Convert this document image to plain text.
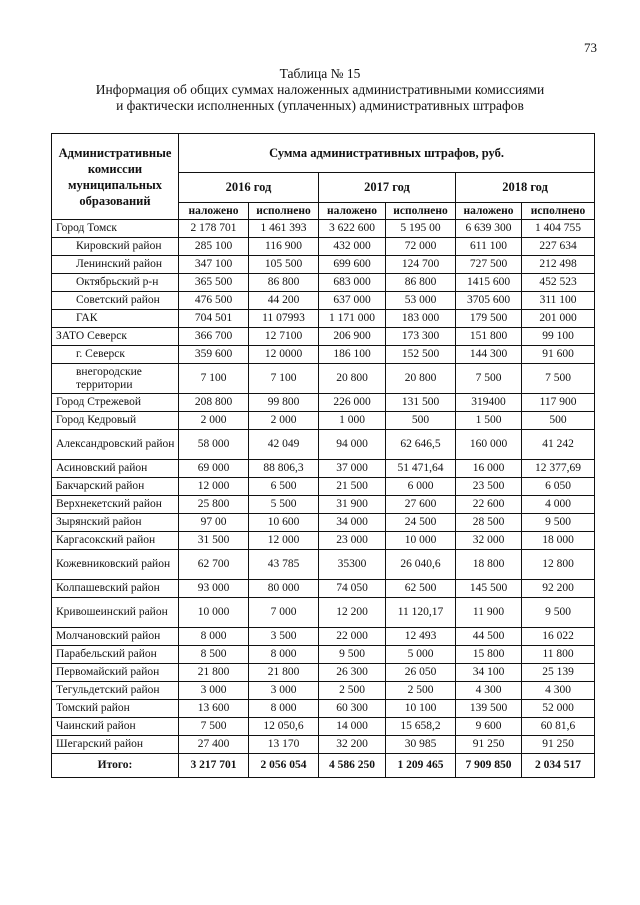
73
Таблица № 15
Информация об общих суммах наложенных административными комиссиями
и фактически исполненных (уплаченных) административных штрафов
Административные комиссии муниципальных образований	Сумма административных штрафов, руб.					
	2016 год		2017 год		2018 год	
	наложено	исполнено	наложено	исполнено	наложено	исполнено
Город Томск	2 178 701	1 461 393	3 622 600	5 195 00	6 639 300	1 404 755
Кировский район	285 100	116 900	432 000	72 000	611 100	227 634
Ленинский район	347 100	105 500	699 600	124 700	727 500	212 498
Октябрьский р-н	365 500	86 800	683 000	86 800	1415 600	452 523
Советский район	476 500	44 200	637 000	53 000	3705 600	311 100
ГАК	704 501	11 07993	1 171 000	183 000	179 500	201 000
ЗАТО Северск	366 700	12 7100	206 900	173 300	151 800	99 100
г. Северск	359 600	12 0000	186 100	152 500	144 300	91 600
внегородские территории	7 100	7 100	20 800	20 800	7 500	7 500
Город Стрежевой	208 800	99 800	226 000	131 500	319400	117 900
Город Кедровый	2 000	2 000	1 000	500	1 500	500
Александровский район	58 000	42 049	94 000	62 646,5	160 000	41 242
Асиновский район	69 000	88 806,3	37 000	51 471,64	16 000	12 377,69
Бакчарский район	12 000	6 500	21 500	6 000	23 500	6 050
Верхнекетский район	25 800	5 500	31 900	27 600	22 600	4 000
Зырянский район	97 00	10 600	34 000	24 500	28 500	9 500
Каргасокский район	31 500	12 000	23 000	10 000	32 000	18 000
Кожевниковский район	62 700	43 785	35300	26 040,6	18 800	12 800
Колпашевский район	93 000	80 000	74 050	62 500	145 500	92 200
Кривошеинский район	10 000	7 000	12 200	11 120,17	11 900	9 500
Молчановский район	8 000	3 500	22 000	12 493	44 500	16 022
Парабельский район	8 500	8 000	9 500	5 000	15 800	11 800
Первомайский район	21 800	21 800	26 300	26 050	34 100	25 139
Тегульдетский район	3 000	3 000	2 500	2 500	4 300	4 300
Томский район	13 600	8 000	60 300	10 100	139 500	52 000
Чаинский район	7 500	12 050,6	14 000	15 658,2	9 600	60 81,6
Шегарский район	27 400	13 170	32 200	30 985	91 250	91 250
Итого:	3 217 701	2 056 054	4 586 250	1 209 465	7 909 850	2 034 517
